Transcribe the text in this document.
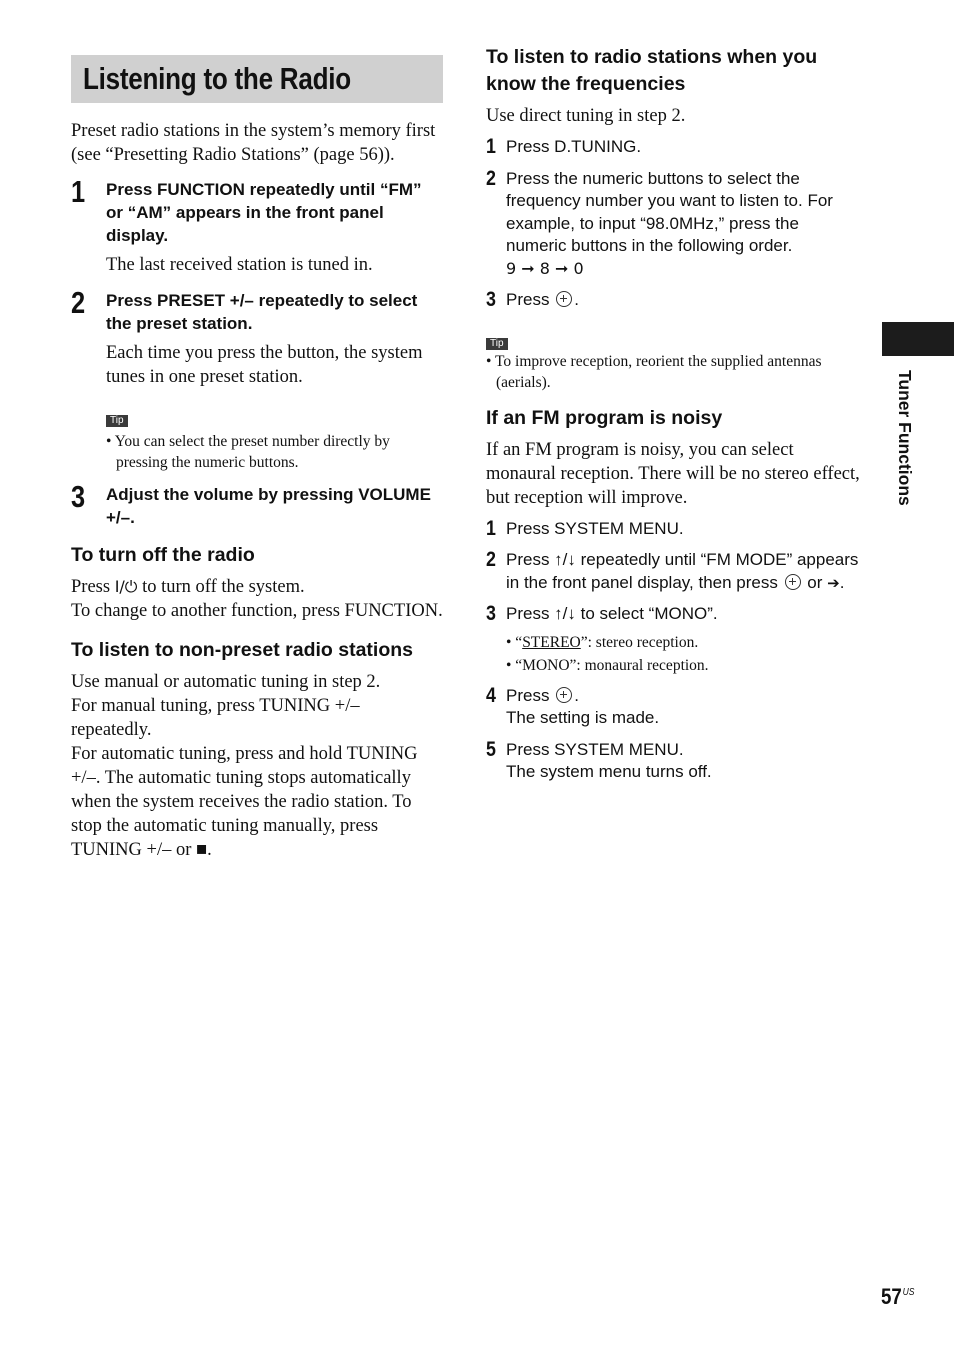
Listening to the Radio

Preset radio stations in the system’s memory first (see “Presetting Radio Stations” (page 56)).

1 Press FUNCTION repeatedly until “FM” or “AM” appears in the front panel display.

The last received station is tuned in.

2 Press PRESET +/– repeatedly to select the preset station.

Each time you press the button, the system tunes in one preset station.

Tip

• You can select the preset number directly by pressing the numeric buttons.

3 Adjust the volume by pressing VOLUME +/–.

To turn off the radio

Press I/⏻ to turn off the system.

To change to another function, press FUNCTION.

To listen to non-preset radio stations

Use manual or automatic tuning in step 2.

For manual tuning, press TUNING +/– repeatedly.

For automatic tuning, press and hold TUNING +/–. The automatic tuning stops automatically when the system receives the radio station. To stop the automatic tuning manually, press TUNING +/– or ■.

To listen to radio stations when you know the frequencies

Use direct tuning in step 2.

1 Press D.TUNING.

2 Press the numeric buttons to select the frequency number you want to listen to. For example, to input “98.0MHz,” press the numeric buttons in the following order.

9 ➞ 8 ➞ 0

3 Press .

Tip

• To improve reception, reorient the supplied antennas (aerials).

If an FM program is noisy

If an FM program is noisy, you can select monaural reception. There will be no stereo effect, but reception will improve.

1 Press SYSTEM MENU.

2 Press ↑/↓ repeatedly until “FM MODE” appears in the front panel display, then press  or ➔.

3 Press ↑/↓ to select “MONO”.

• “STEREO”: stereo reception.

• “MONO”: monaural reception.

4 Press .

The setting is made.

5 Press SYSTEM MENU.

The system menu turns off.

Tuner Functions
$57^{US}$
